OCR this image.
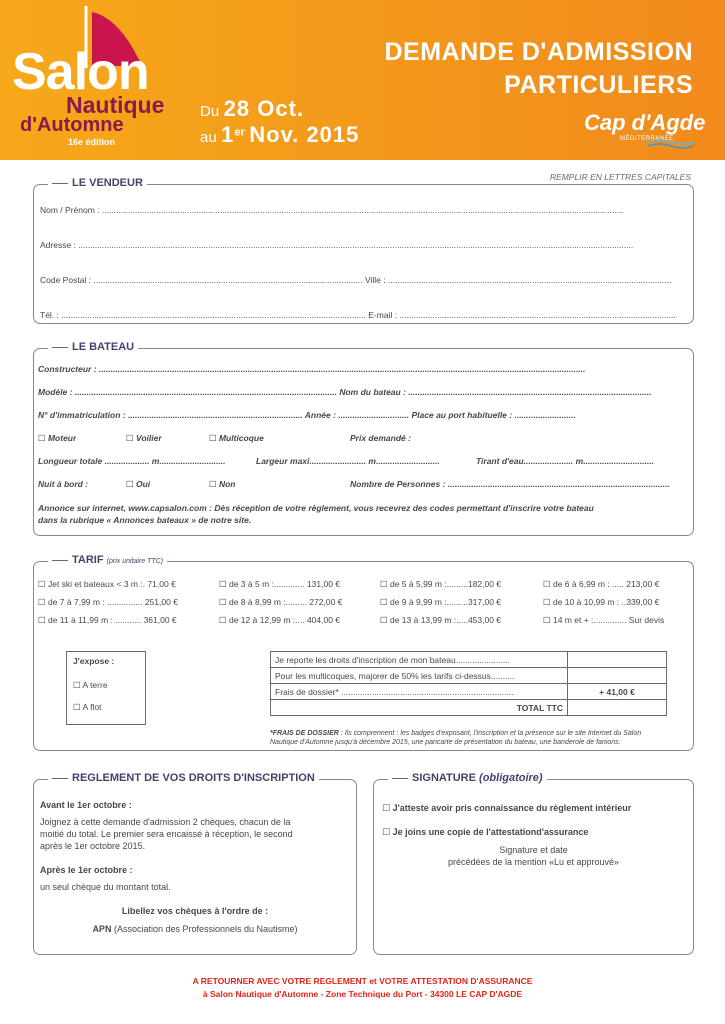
Salon
Nautique
d'Automne
16e édition
Du 28 Oct.
au 1er Nov. 2015
DEMANDE D'ADMISSION
PARTICULIERS
Cap d'Agde
MÉDITERRANÉE
REMPLIR EN LETTRES CAPITALES
LE VENDEUR
Nom / Prénom : .............................................................................................................................................................................................................................
Adresse : ...........................................................................................................................................................................................................................................
Code Postal : .................................................................................................................. Ville : ........................................................................................................................
Tél. : ................................................................................................................................. E-mail : .....................................................................................................................
LE BATEAU
Constructeur : ..............................................................................................................................................................................................................
Modèle : ............................................................................................................... Nom du bateau : .......................................................................................................
N° d'immatriculation : .......................................................................... Année : .............................. Place au port habituelle : ..........................
☐ Moteur	☐ Voilier	☐ Multicoque	Prix demandé :
Longueur totale ................... m............................	Largeur maxi........................ m...........................	Tirant d'eau..................... m..............................
Nuit à bord :	☐ Oui	☐ Non	Nombre de Personnes : ..............................................................................................
Annonce sur internet, www.capsalon.com : Dès réception de votre règlement, vous recevrez des codes permettant d'inscrire votre bateau
dans la rubrique « Annonces bateaux » de notre site.
TARIF (prix unitaire TTC)
☐ Jet ski et bateaux < 3 m :. 71,00 €	☐ de 3 à 5 m :............. 131,00 €	☐ de 5 à 5,99 m :.........182,00 €	☐ de 6 à 6,99 m : ..... 213,00 €
☐ de 7 à 7,99 m : ............... 251,00 €	☐ de 8 à 8,99 m :......... 272,00 €	☐ de 9 à 9,99 m :.........317,00 €	☐ de 10 à 10,99 m : ..339,00 €
☐ de 11 à 11,99 m : ........... 361,00 €	☐ de 12 à 12,99 m :.... 404,00 €	☐ de 13 à 13,99 m :.....453,00 €	☐ 14 m et + :.............. Sur devis
J'expose :
☐ A terre
☐ A flot
Je reporte les droits d'inscription de mon bateau.......................	
Pour les multicoques, majorer de 50% les tarifs ci-dessus..........	
Frais de dossier* .........................................................................	+ 41,00 €
TOTAL TTC	
*FRAIS DE DOSSIER : Ils comprennent : les badges d'exposant, l'inscription et la présence sur le site Internet du Salon
Nautique d'Automne jusqu'à décembre 2015, une pancarte de présentation du bateau, une banderole de fanions.
REGLEMENT DE VOS DROITS D'INSCRIPTION
Avant le 1er octobre :
Joignez à cette demande d'admission 2 chèques, chacun de la
moitié du total. Le premier sera encaissé à réception, le second
après le 1er octobre 2015.
Après le 1er octobre :
un seul chèque du montant total.
Libellez vos chèques à l'ordre de :
APN (Association des Professionnels du Nautisme)
SIGNATURE (obligatoire)
☐ J'atteste avoir pris connaissance du règlement intérieur
☐ Je joins une copie de l'attestationd'assurance
Signature et date
précédées de la mention «Lu et approuvé»
A RETOURNER AVEC VOTRE REGLEMENT et VOTRE ATTESTATION D'ASSURANCE
à Salon Nautique d'Automne - Zone Technique du Port - 34300 LE CAP D'AGDE
